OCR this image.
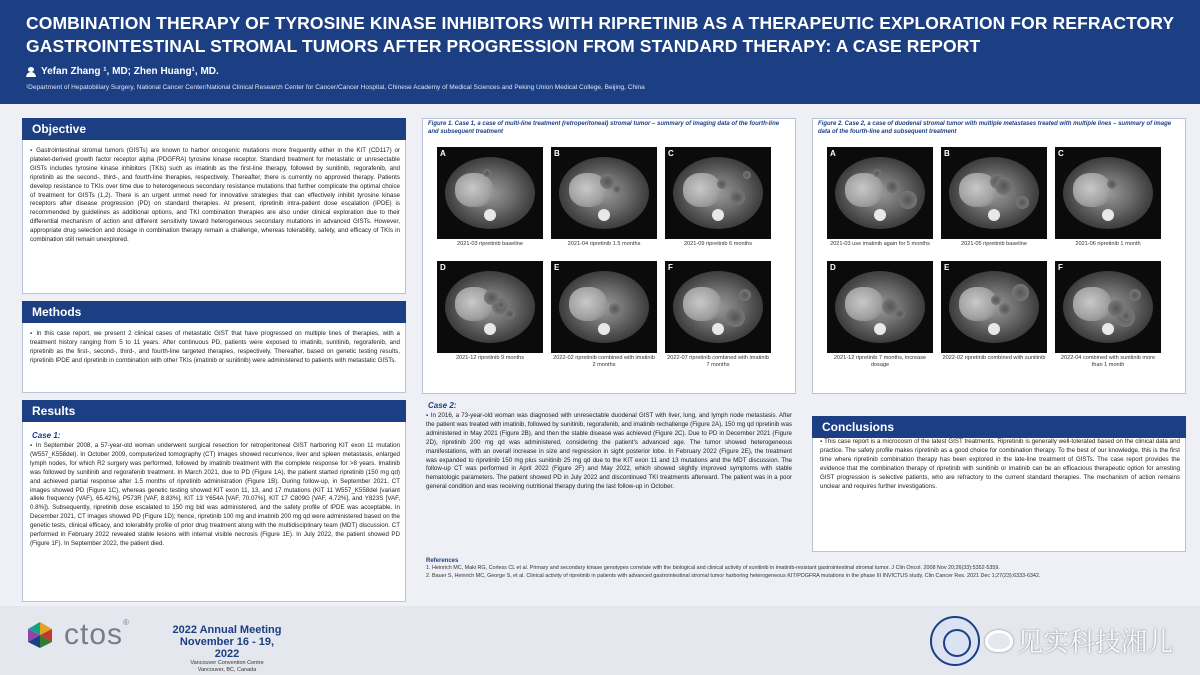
COMBINATION THERAPY OF TYROSINE KINASE INHIBITORS WITH RIPRETINIB AS A THERAPEUTIC EXPLORATION FOR REFRACTORY GASTROINTESTINAL STROMAL TUMORS AFTER PROGRESSION FROM STANDARD THERAPY: A CASE REPORT
Yefan Zhang ¹, MD; Zhen Huang¹, MD.
¹Department of Hepatobiliary Surgery, National Cancer Center/National Clinical Research Center for Cancer/Cancer Hospital, Chinese Academy of Medical Sciences and Peking Union Medical College, Beijing, China
Objective
▪ Gastrointestinal stromal tumors (GISTs) are known to harbor oncogenic mutations more frequently either in the KIT (CD117) or platelet-derived growth factor receptor alpha (PDGFRA) tyrosine kinase receptor. Standard treatment for metastatic or unresectable GISTs includes tyrosine kinase inhibitors (TKIs) such as imatinib as the first-line therapy, followed by sunitinib, regorafenib, and ripretinib as the second-, third-, and fourth-line therapies, respectively. Thereafter, there is currently no approved therapy. Patients develop resistance to TKIs over time due to heterogeneous secondary resistance mutations that further complicate the optimal choice of treatment for GISTs (1,2). There is an urgent unmet need for innovative strategies that can effectively inhibit tyrosine kinase receptors after disease progression (PD) on standard therapies. At present, ripretinib intra-patient dose escalation (IPDE) is recommended by guidelines as additional options, and TKI combination therapies are also under clinical exploration due to their differential mechanism of action and different sensitivity toward heterogeneous secondary mutations in advanced GISTs. However, appropriate drug selection and dosage in combination therapy remain a challenge, whereas tolerability, safety, and efficacy of TKIs in combination still remain unexplored.
Methods
▪ In this case report, we present 2 clinical cases of metastatic GIST that have progressed on multiple lines of therapies, with a treatment history ranging from 5 to 11 years. After continuous PD, patients were exposed to imatinib, sunitinib, regorafenib, and ripretinib as the first-, second-, third-, and fourth-line targeted therapies, respectively. Thereafter, based on genetic testing results, ripretinib IPDE and ripretinib in combination with other TKIs (imatinib or sunitinib) were administered to patients with metastatic GISTs.
Results
Case 1:
▪ In September 2008, a 57-year-old woman underwent surgical resection for retroperitoneal GIST harboring KIT exon 11 mutation (W557_K558del). In October 2009, computerized tomography (CT) images showed recurrence, liver and spleen metastasis, enlarged lymph nodes, for which R2 surgery was performed, followed by imatinib treatment with the complete response for >8 years. Imatinib was followed by sunitinib and regorafenib treatment. In March 2021, due to PD (Figure 1A), the patient started ripretinib (150 mg qd) and achieved partial response after 1.5 months of ripretinib administration (Figure 1B). During follow-up, in September 2021, CT images showed PD (Figure 1C), whereas genetic testing showed KIT exon 11, 13, and 17 mutations (KIT 11 W557_K558del [variant allele frequency (VAF), 65.42%], P573R [VAF, 8.83%], KIT 13 Y654A [VAF, 70.07%], KIT 17 C809G [VAF, 4.72%], and Y823S [VAF, 0.8%]). Subsequently, ripretinib dose escalated to 150 mg bid was administered, and the safety profile of IPDE was acceptable. In December 2021, CT images showed PD (Figure 1D); hence, ripretinib 100 mg and imatinib 200 mg qd were administered based on the genetic tests, clinical efficacy, and tolerability profile of prior drug treatment along with the multidisciplinary team (MDT) discussion. CT performed in February 2022 revealed stable lesions with internal visible necrosis (Figure 1E). In July 2022, the patient showed PD (Figure 1F). In September 2022, the patient died.
Figure 1. Case 1, a case of multi-line treatment (retroperitoneal) stromal tumor – summary of imaging data of the fourth-line and subsequent treatment
A
2021-03 ripretinib baseline
B
2021-04 ripretinib 1.5 months
C
2021-09 ripretinib 6 months
D
2021-12 ripretinib 9 months
E
2022-02 ripretinib combined with imatinib 2 months
F
2022-07 ripretinib combined with imatinib 7 months
Case 2:
▪ In 2016, a 73-year-old woman was diagnosed with unresectable duodenal GIST with liver, lung, and lymph node metastasis. After the patient was treated with imatinib, followed by sunitinib, regorafenib, and imatinib rechallenge (Figure 2A), 150 mg qd ripretinib was administered in May 2021 (Figure 2B), and then the stable disease was achieved (Figure 2C). Due to PD in December 2021 (Figure 2D), ripretinib 200 mg qd was administered, considering the patient's advanced age. The tumor showed heterogeneous manifestations, with an overall increase in size and regression in sight posterior lobe. In February 2022 (Figure 2E), the treatment was expanded to ripretinib 150 mg plus sunitinib 25 mg qd due to the KIT exon 11 and 13 mutations and the MDT discussion. The follow-up CT was performed in April 2022 (Figure 2F) and May 2022, which showed slightly improved symptoms with stable hematologic parameters. The patient showed PD in July 2022 and discontinued TKI treatments afterward. The patient was in a poor general condition and was receiving nutritional therapy during the last follow-up in October.
References
1. Heinrich MC, Maki RG, Corless CL et al. Primary and secondary kinase genotypes correlate with the biological and clinical activity of sunitinib in imatinib-resistant gastrointestinal stromal tumor. J Clin Oncol. 2008 Nov 20;26(33):5352-5359.
2. Bauer S, Heinrich MC, George S, et al. Clinical activity of ripretinib in patients with advanced gastrointestinal stromal tumor harboring heterogeneous KIT/PDGFRA mutations in the phase III INVICTUS study. Clin Cancer Res. 2021 Dec 1;27(23):6333-6342.
Figure 2. Case 2, a case of duodenal stromal tumor with multiple metastases treated with multiple lines – summary of image data of the fourth-line and subsequent treatment
A
2021-03 use imatinib again for 5 months
B
2021-05 ripretinib baseline
C
2021-06 ripretinib 1 month
D
2021-12 ripretinib 7 months, increase dosage
E
2022-02 ripretinib combined with sunitinib
F
2022-04 combined with sunitinib more than 1 month
Conclusions
▪ This case report is a microcosm of the latest GIST treatments. Ripretinib is generally well-tolerated based on the clinical data and practice. The safety profile makes ripretinib as a good choice for combination therapy. To the best of our knowledge, this is the first time where ripretinib combination therapy has been explored in the late-line treatment of GISTs. The case report provides the evidence that the combination therapy of ripretinib with sunitinib or imatinib can be an efficacious therapeutic option for arresting GIST progression is selective patients, who are refractory to the current standard therapies. The mechanism of action remains unclear and requires further investigations.
ctos®
2022 Annual Meeting
November 16 - 19, 2022
Vancouver Convention Centre
Vancouver, BC, Canada
见实科技湘儿
